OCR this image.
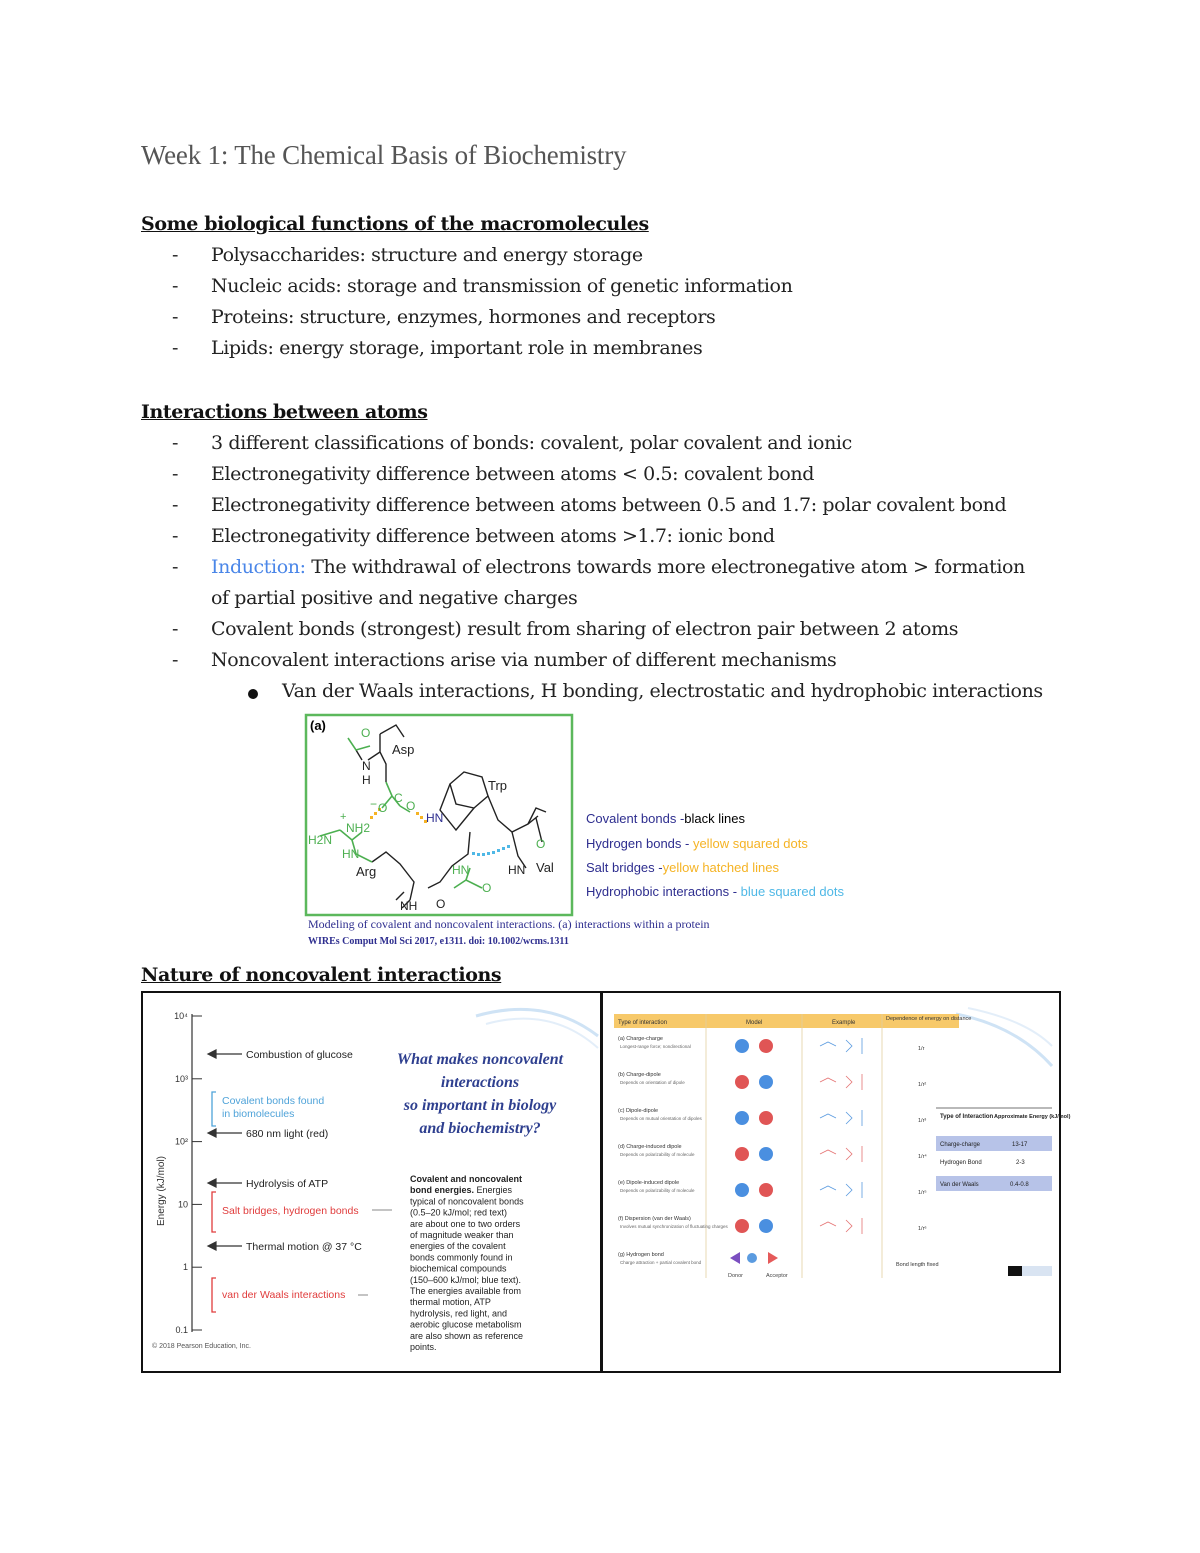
Week 1: The Chemical Basis of Biochemistry
Some biological functions of the macromolecules
- Polysaccharides: structure and energy storage
- Nucleic acids: storage and transmission of genetic information
- Proteins: structure, enzymes, hormones and receptors
- Lipids: energy storage, important role in membranes
Interactions between atoms
- 3 different classifications of bonds: covalent, polar covalent and ionic
- Electronegativity difference between atoms < 0.5: covalent bond
- Electronegativity difference between atoms between 0.5 and 1.7: polar covalent bond
- Electronegativity difference between atoms >1.7: ionic bond
- Induction: The withdrawal of electrons towards more electronegative atom > formation
of partial positive and negative charges
- Covalent bonds (strongest) result from sharing of electron pair between 2 atoms
- Noncovalent interactions arise via number of different mechanisms
Van der Waals interactions, H bonding, electrostatic and hydrophobic interactions
(a)	O
Asp
N
H	Trp
− O
C
O
HN
+
NH2
H2N
HN
O
Val
HN
HN
Arg
O
O
NH
Covalent bonds -black lines
Hydrogen bonds - yellow squared dots
Salt bridges -yellow hatched lines
Hydrophobic interactions - blue squared dots
Modeling of covalent and noncovalent interactions. (a) interactions within a protein
WIREs Comput Mol Sci 2017, e1311. doi: 10.1002/wcms.1311
Nature of noncovalent interactions
10⁴
10³
10²
10
1
0.1
Energy (kJ/mol)
Combustion of glucose
Covalent bonds found
in biomolecules
680 nm light (red)
Hydrolysis of ATP
Salt bridges, hydrogen bonds
Thermal motion @ 37 °C
van der Waals interactions
What makes noncovalent
interactions
so important in biology
and biochemistry?
Covalent and noncovalent
bond energies. Energies
typical of noncovalent bonds
(0.5–20 kJ/mol; red text)
are about one to two orders
of magnitude weaker than
energies of the covalent
bonds commonly found in
biochemical compounds
(150–600 kJ/mol; blue text).
The energies available from
thermal motion, ATP
hydrolysis, red light, and
aerobic glucose metabolism
are also shown as reference
points.
© 2018 Pearson Education, Inc.
Type of interaction	Model	Example
Dependence of energy on distance
(a) Charge-charge
Longest-range force; nondirectional	1/r
(b) Charge-dipole
Depends on orientation of dipole	1/r²
(c) Dipole-dipole
Depends on mutual orientation of dipoles	1/r³
(d) Charge-induced dipole
Depends on polarizability of molecule	1/r⁴
(e) Dipole-induced dipole
Depends on polarizability of molecule	1/r⁵
(f) Dispersion (van der Waals)
Involves mutual synchronization of fluctuating charges	1/r⁶
(g) Hydrogen bond
Charge attraction + partial covalent bond	Bond length fixed
Donor	Acceptor
Type of Interaction Approximate Energy (kJ/mol)
Charge-charge	13-17
Hydrogen Bond	2-3
Van der Waals	0.4-0.8
